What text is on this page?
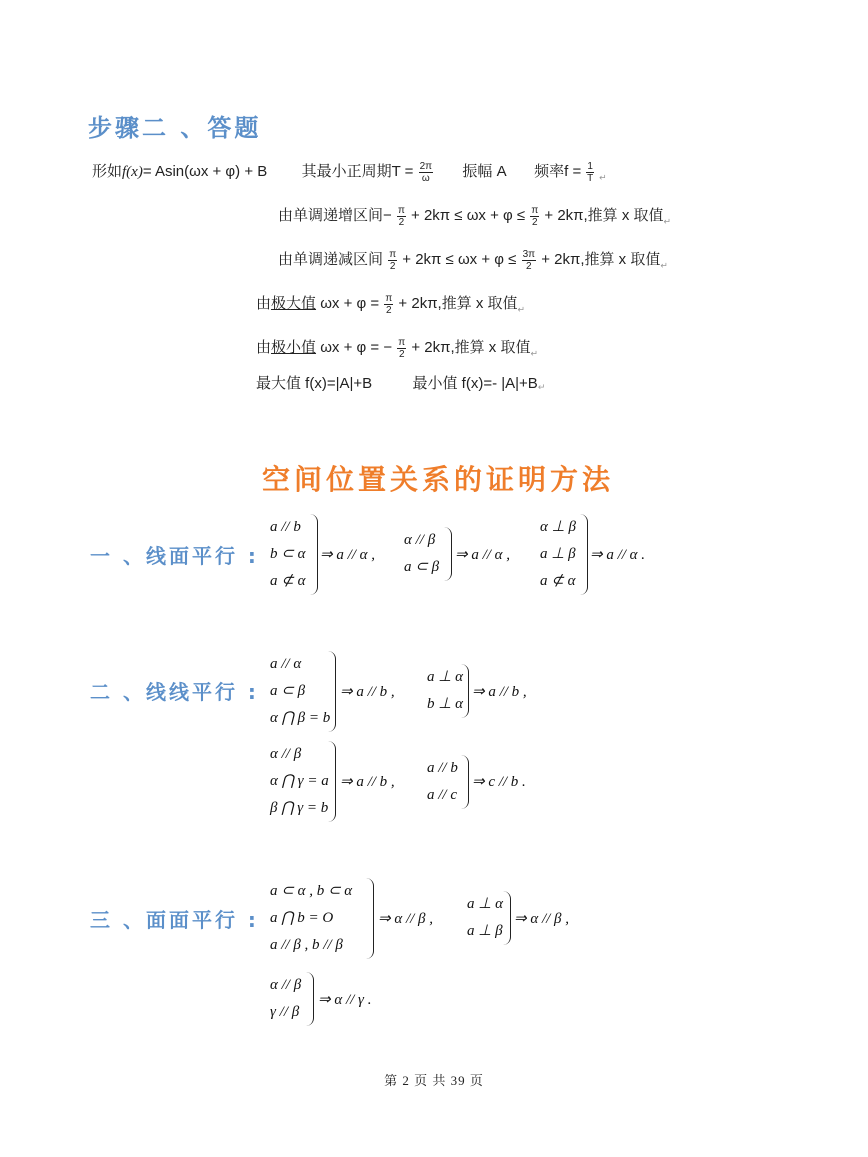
步骤二 、答题
形如f(x)= Asin(ωx + φ) + B 其最小正周期$T = \frac{2\pi}{\omega}$ 振幅 A 频率$f = \frac{1}{T}$ ↵
由单调递增区间− $\frac{\pi}{2} + 2k\pi \le \omega x + \varphi \le \frac{\pi}{2} + 2k\pi$,推算 x 取值↵
由单调递减区间 $\frac{\pi}{2} + 2k\pi \le \omega x + \varphi \le \frac{3\pi}{2} + 2k\pi$,推算 x 取值↵
由极大值 $\omega x + \varphi = \frac{\pi}{2} + 2k\pi$,推算 x 取值↵
由极小值 ωx + φ = − $\frac{\pi}{2} + 2k\pi$,推算 x 取值↵
最大值 f(x)=|A|+B	最小值 f(x)=- |A|+B↵
空间位置关系的证明方法
一 、线面平行 :
a // b
b ⊂ α
a ⊄ α
⇒ a // α ,
α // β
a ⊂ β
⇒ a // α ,
α ⊥ β
a ⊥ β
a ⊄ α
⇒ a // α .
二 、线线平行 :
a // α
a ⊂ β
α ⋂ β = b
⇒ a // b ,
a ⊥ α
b ⊥ α
⇒ a // b ,
α // β
α ⋂ γ = a
β ⋂ γ = b
⇒ a // b ,
a // b
a // c
⇒ c // b .
三 、面面平行 :
a ⊂ α , b ⊂ α
a ⋂ b = O
a // β , b // β
⇒ α // β ,
a ⊥ α
a ⊥ β
⇒ α // β ,
α // β
γ // β
⇒ α // γ .
第 2 页 共 39 页
